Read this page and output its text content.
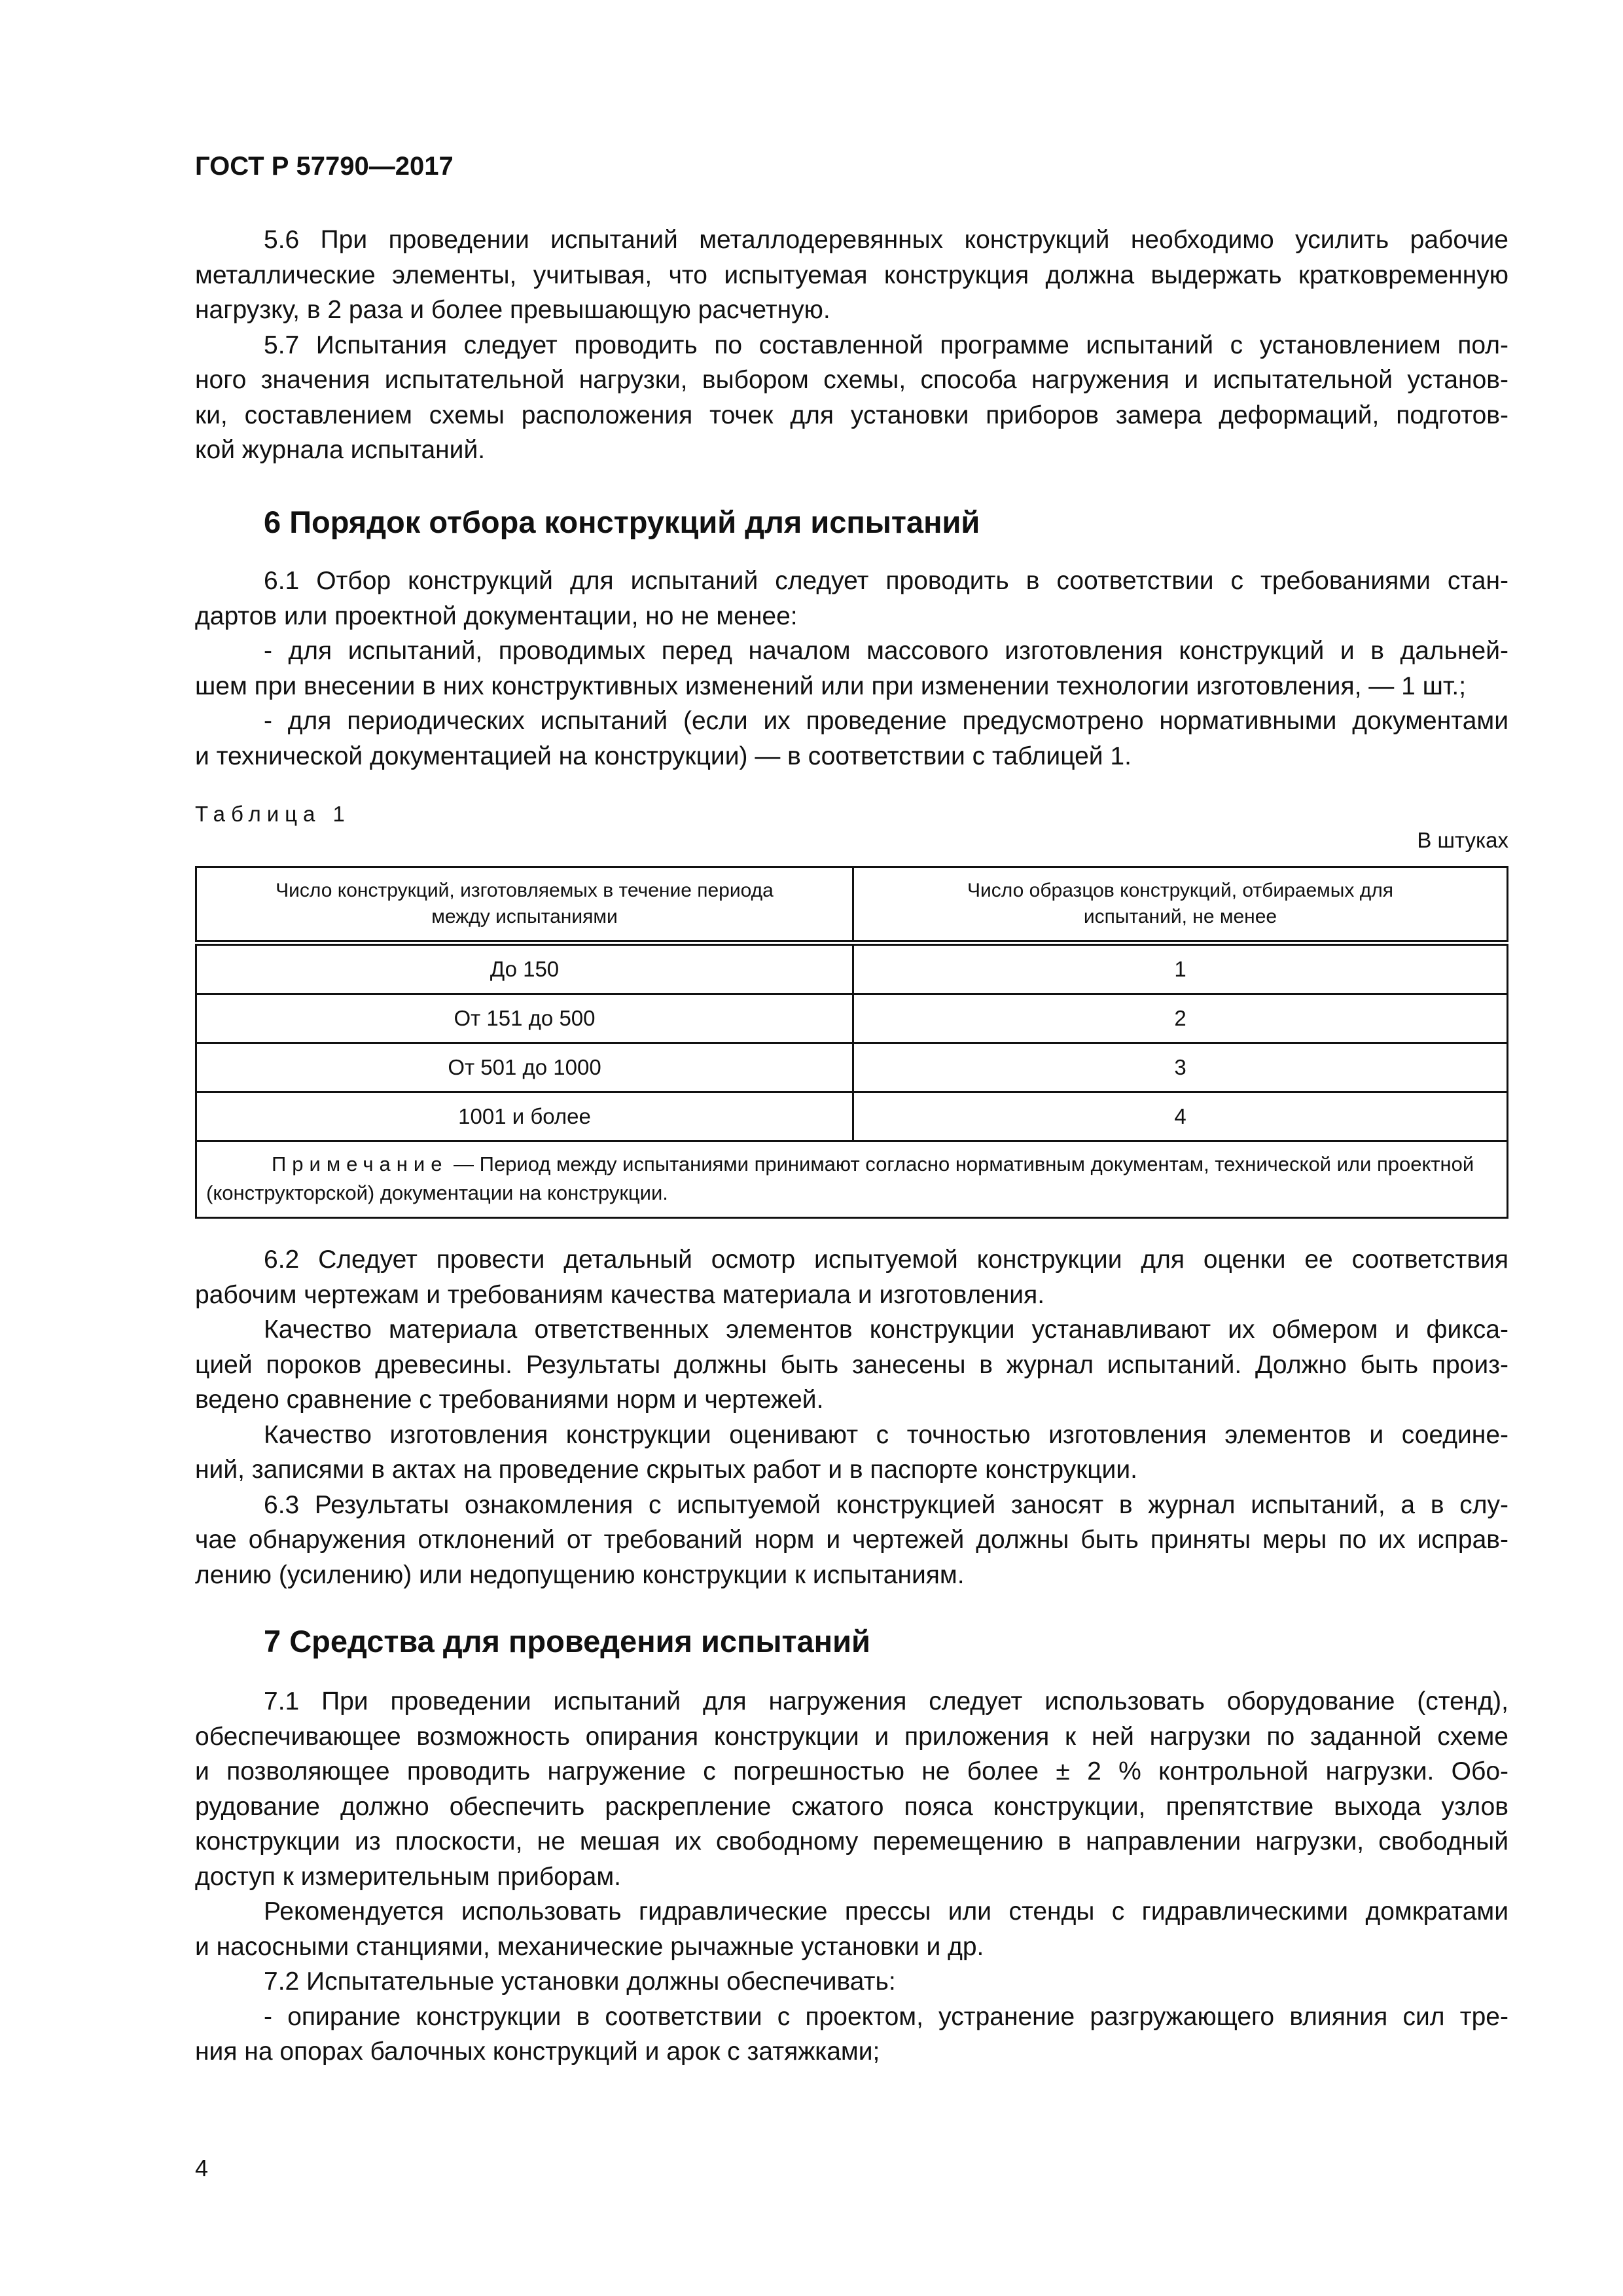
ГОСТ Р 57790—2017
5.6 При проведении испытаний металлодеревянных конструкций необходимо усилить рабочие
металлические элементы, учитывая, что испытуемая конструкция должна выдержать кратковременную
нагрузку, в 2 раза и более превышающую расчетную.
5.7 Испытания следует проводить по составленной программе испытаний с установлением пол-
ного значения испытательной нагрузки, выбором схемы, способа нагружения и испытательной установ-
ки, составлением схемы расположения точек для установки приборов замера деформаций, подготов-
кой журнала испытаний.
6 Порядок отбора конструкций для испытаний
6.1 Отбор конструкций для испытаний следует проводить в соответствии с требованиями стан-
дартов или проектной документации, но не менее:
- для испытаний, проводимых перед началом массового изготовления конструкций и в дальней-
шем при внесении в них конструктивных изменений или при изменении технологии изготовления, — 1 шт.;
- для периодических испытаний (если их проведение предусмотрено нормативными документами
и технической документацией на конструкции) — в соответствии с таблицей 1.
Таблица 1
В штуках
Число конструкций, изготовляемых в течение периода между испытаниями	Число образцов конструкций, отбираемых для испытаний, не менее

До 150	1
От 151 до 500	2
От 501 до 1000	3
1001 и более	4
Примечание — Период между испытаниями принимают согласно нормативным документам, технической или проектной (конструкторской) документации на конструкции.	
6.2 Следует провести детальный осмотр испытуемой конструкции для оценки ее соответствия
рабочим чертежам и требованиям качества материала и изготовления.
Качество материала ответственных элементов конструкции устанавливают их обмером и фикса-
цией пороков древесины. Результаты должны быть занесены в журнал испытаний. Должно быть произ-
ведено сравнение с требованиями норм и чертежей.
Качество изготовления конструкции оценивают с точностью изготовления элементов и соедине-
ний, записями в актах на проведение скрытых работ и в паспорте конструкции.
6.3 Результаты ознакомления с испытуемой конструкцией заносят в журнал испытаний, а в слу-
чае обнаружения отклонений от требований норм и чертежей должны быть приняты меры по их исправ-
лению (усилению) или недопущению конструкции к испытаниям.
7 Средства для проведения испытаний
7.1 При проведении испытаний для нагружения следует использовать оборудование (стенд),
обеспечивающее возможность опирания конструкции и приложения к ней нагрузки по заданной схеме
и позволяющее проводить нагружение с погрешностью не более ± 2 % контрольной нагрузки. Обо-
рудование должно обеспечить раскрепление сжатого пояса конструкции, препятствие выхода узлов
конструкции из плоскости, не мешая их свободному перемещению в направлении нагрузки, свободный
доступ к измерительным приборам.
Рекомендуется использовать гидравлические прессы или стенды с гидравлическими домкратами
и насосными станциями, механические рычажные установки и др.
7.2 Испытательные установки должны обеспечивать:
- опирание конструкции в соответствии с проектом, устранение разгружающего влияния сил тре-
ния на опорах балочных конструкций и арок с затяжками;
4
